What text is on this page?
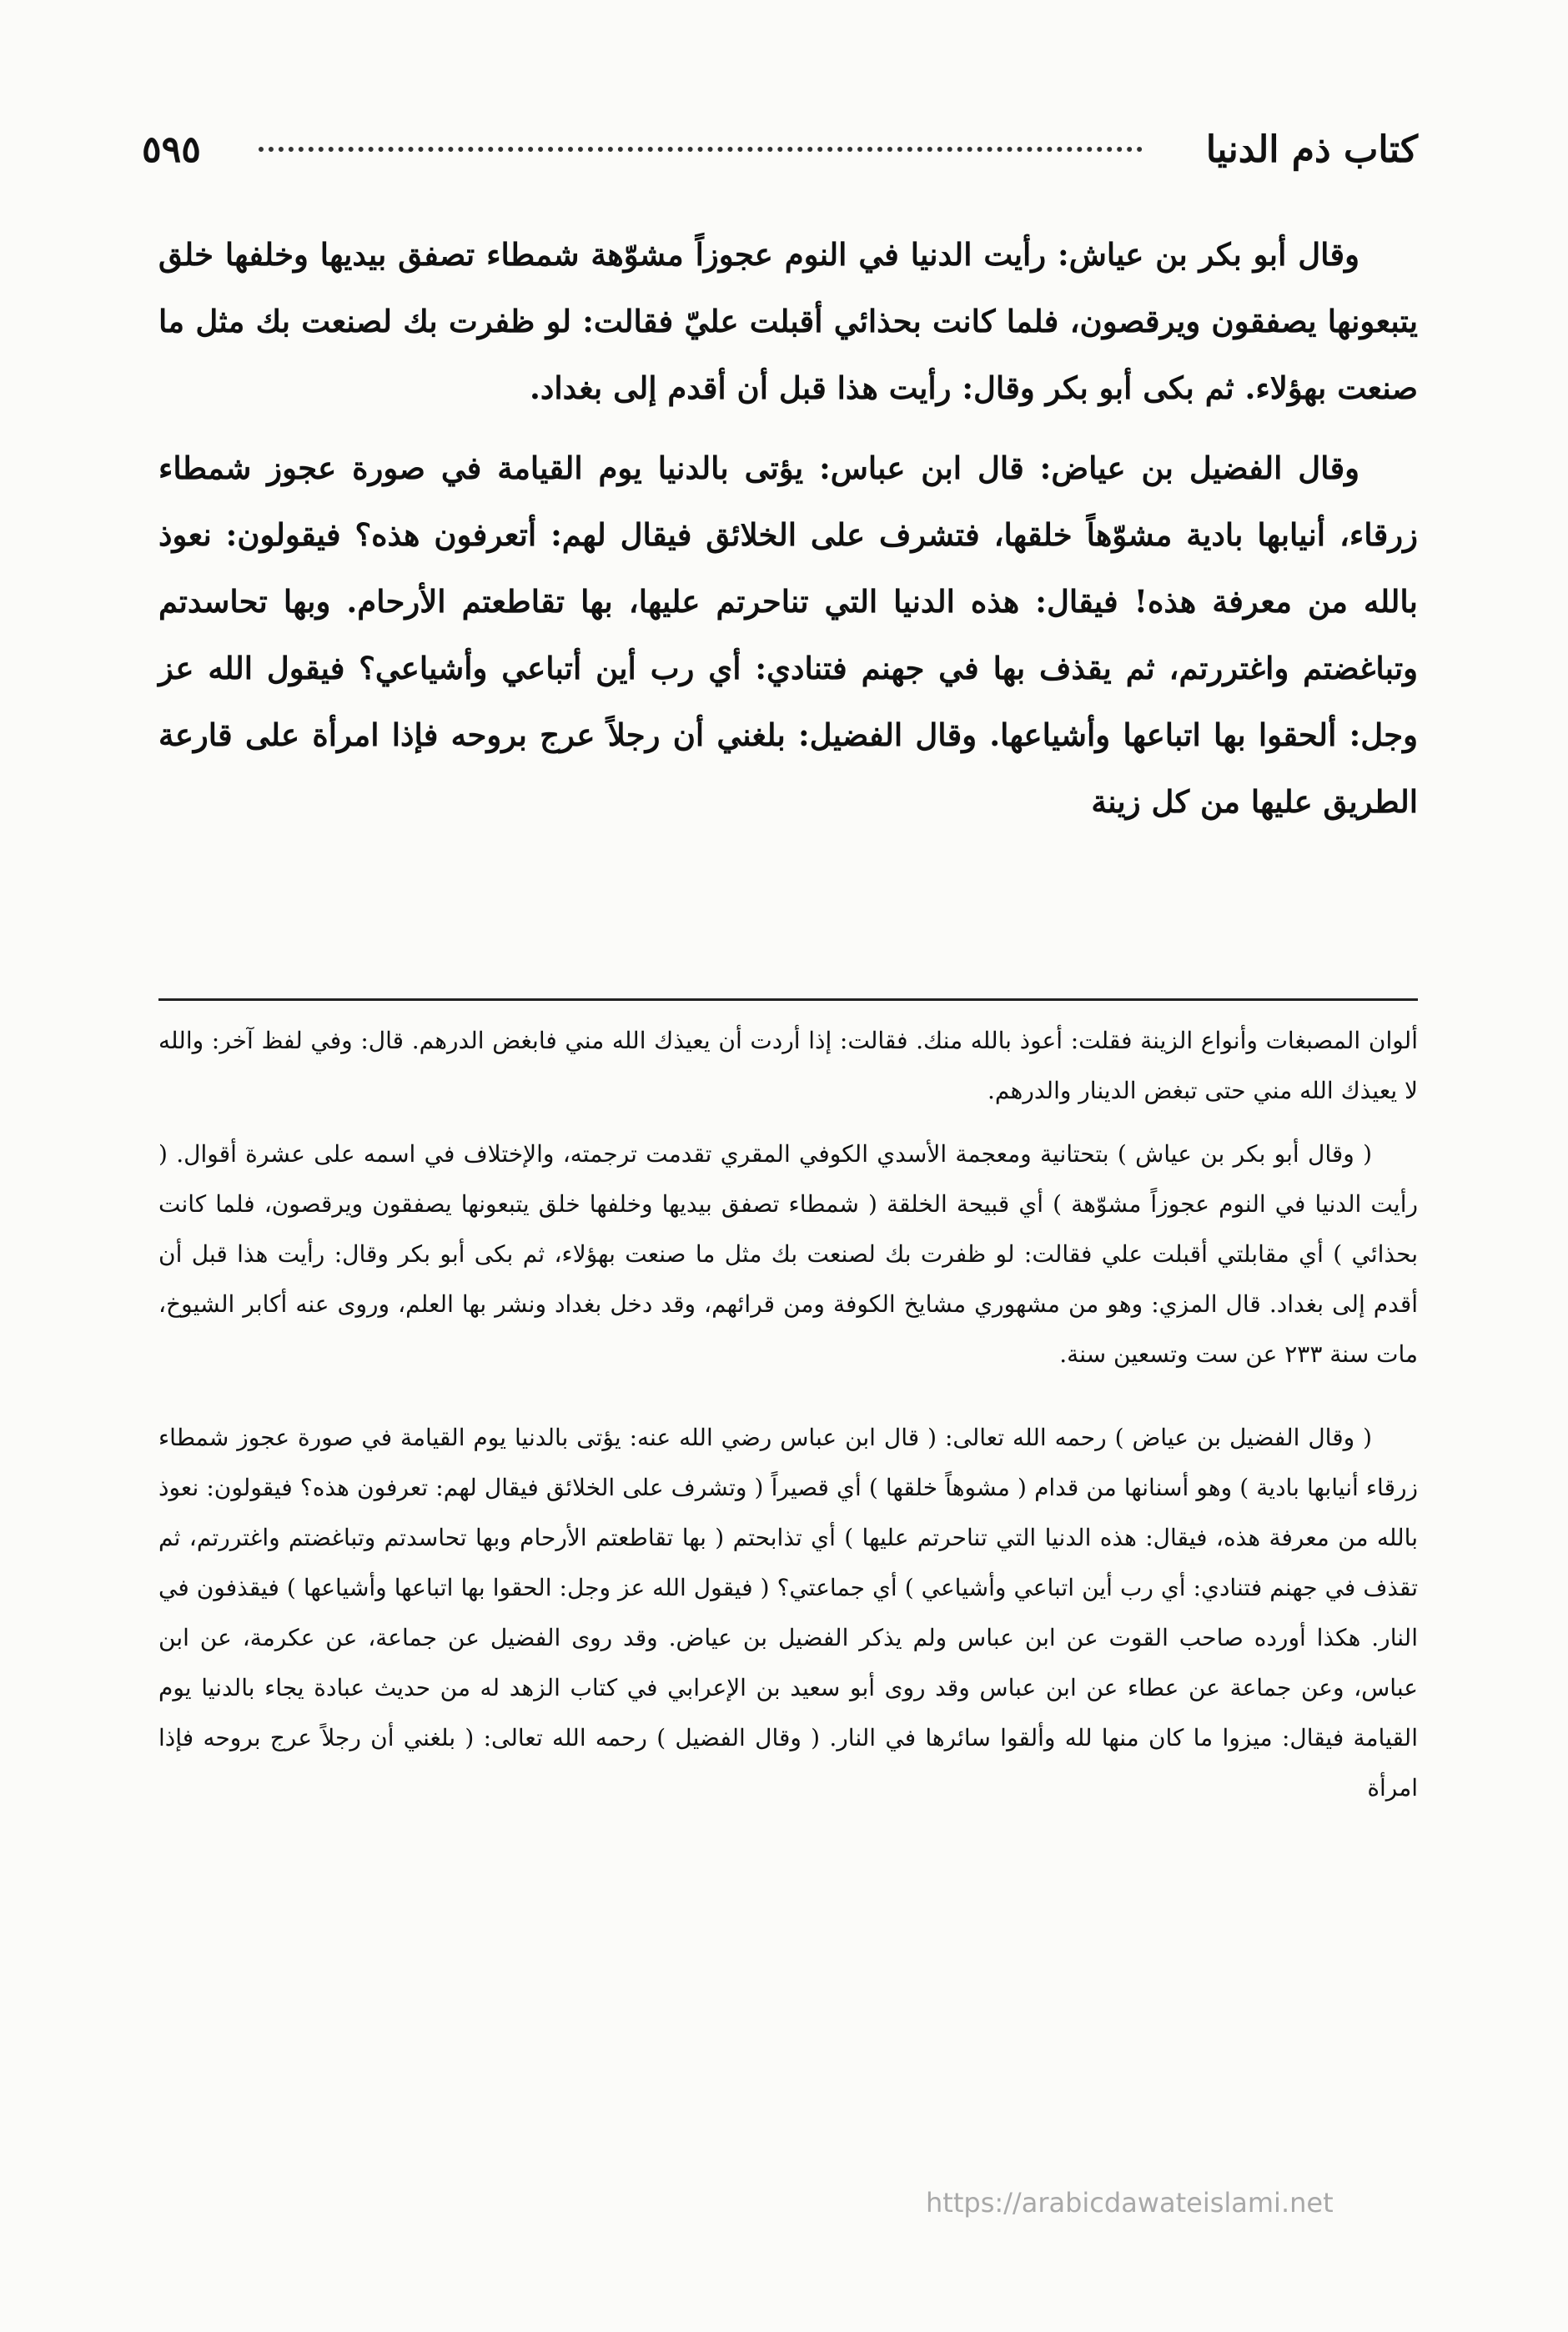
كتاب ذم الدنيا
٥٩٥

وقال أبو بكر بن عياش: رأيت الدنيا في النوم عجوزاً مشوّهة شمطاء تصفق بيديها وخلفها خلق يتبعونها يصفقون ويرقصون، فلما كانت بحذائي أقبلت عليّ فقالت: لو ظفرت بك لصنعت بك مثل ما صنعت بهؤلاء. ثم بكى أبو بكر وقال: رأيت هذا قبل أن أقدم إلى بغداد.

وقال الفضيل بن عياض: قال ابن عباس: يؤتى بالدنيا يوم القيامة في صورة عجوز شمطاء زرقاء، أنيابها بادية مشوّهاً خلقها، فتشرف على الخلائق فيقال لهم: أتعرفون هذه؟ فيقولون: نعوذ بالله من معرفة هذه! فيقال: هذه الدنيا التي تناحرتم عليها، بها تقاطعتم الأرحام. وبها تحاسدتم وتباغضتم واغتررتم، ثم يقذف بها في جهنم فتنادي: أي رب أين أتباعي وأشياعي؟ فيقول الله عز وجل: ألحقوا بها اتباعها وأشياعها. وقال الفضيل: بلغني أن رجلاً عرج بروحه فإذا امرأة على قارعة الطريق عليها من كل زينة

ألوان المصبغات وأنواع الزينة فقلت: أعوذ بالله منك. فقالت: إذا أردت أن يعيذك الله مني فابغض الدرهم. قال: وفي لفظ آخر: والله لا يعيذك الله مني حتى تبغض الدينار والدرهم.

( وقال أبو بكر بن عياش ) بتحتانية ومعجمة الأسدي الكوفي المقري تقدمت ترجمته، والإختلاف في اسمه على عشرة أقوال. ( رأيت الدنيا في النوم عجوزاً مشوّهة ) أي قبيحة الخلقة ( شمطاء تصفق بيديها وخلفها خلق يتبعونها يصفقون ويرقصون، فلما كانت بحذائي ) أي مقابلتي أقبلت علي فقالت: لو ظفرت بك لصنعت بك مثل ما صنعت بهؤلاء، ثم بكى أبو بكر وقال: رأيت هذا قبل أن أقدم إلى بغداد. قال المزي: وهو من مشهوري مشايخ الكوفة ومن قرائهم، وقد دخل بغداد ونشر بها العلم، وروى عنه أكابر الشيوخ، مات سنة ٢٣٣ عن ست وتسعين سنة.

( وقال الفضيل بن عياض ) رحمه الله تعالى: ( قال ابن عباس رضي الله عنه: يؤتى بالدنيا يوم القيامة في صورة عجوز شمطاء زرقاء أنيابها بادية ) وهو أسنانها من قدام ( مشوهاً خلقها ) أي قصيراً ( وتشرف على الخلائق فيقال لهم: تعرفون هذه؟ فيقولون: نعوذ بالله من معرفة هذه، فيقال: هذه الدنيا التي تناحرتم عليها ) أي تذابحتم ( بها تقاطعتم الأرحام وبها تحاسدتم وتباغضتم واغتررتم، ثم تقذف في جهنم فتنادي: أي رب أين اتباعي وأشياعي ) أي جماعتي؟ ( فيقول الله عز وجل: الحقوا بها اتباعها وأشياعها ) فيقذفون في النار. هكذا أورده صاحب القوت عن ابن عباس ولم يذكر الفضيل بن عياض. وقد روى الفضيل عن جماعة، عن عكرمة، عن ابن عباس، وعن جماعة عن عطاء عن ابن عباس وقد روى أبو سعيد بن الإعرابي في كتاب الزهد له من حديث عبادة يجاء بالدنيا يوم القيامة فيقال: ميزوا ما كان منها لله وألقوا سائرها في النار. ( وقال الفضيل ) رحمه الله تعالى: ( بلغني أن رجلاً عرج بروحه فإذا امرأة

https://arabicdawateislami.net
